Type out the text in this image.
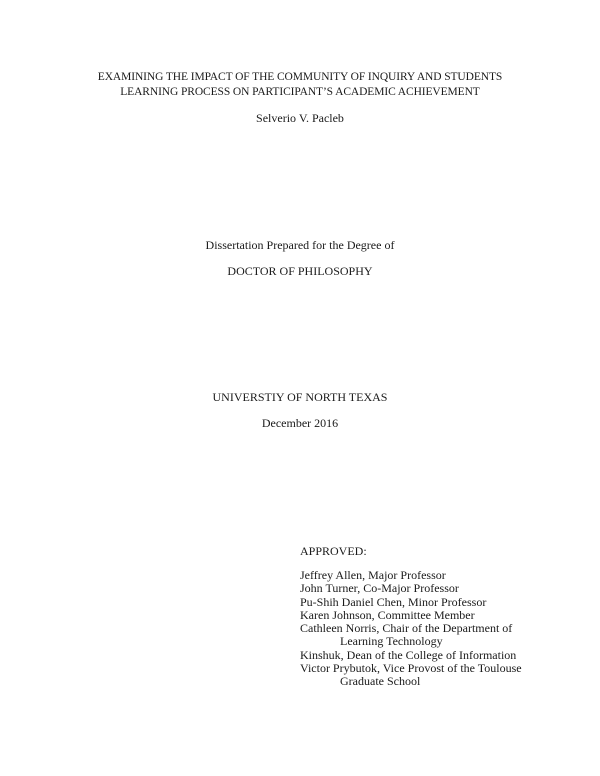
EXAMINING THE IMPACT OF THE COMMUNITY OF INQUIRY AND STUDENTS
LEARNING PROCESS ON PARTICIPANT’S ACADEMIC ACHIEVEMENT
Selverio V. Pacleb
Dissertation Prepared for the Degree of
DOCTOR OF PHILOSOPHY
UNIVERSTIY OF NORTH TEXAS
December 2016
APPROVED:
Jeffrey Allen, Major Professor
John Turner, Co-Major Professor
Pu-Shih Daniel Chen, Minor Professor
Karen Johnson, Committee Member
Cathleen Norris, Chair of the Department of
Learning Technology
Kinshuk, Dean of the College of Information
Victor Prybutok, Vice Provost of the Toulouse
Graduate School
